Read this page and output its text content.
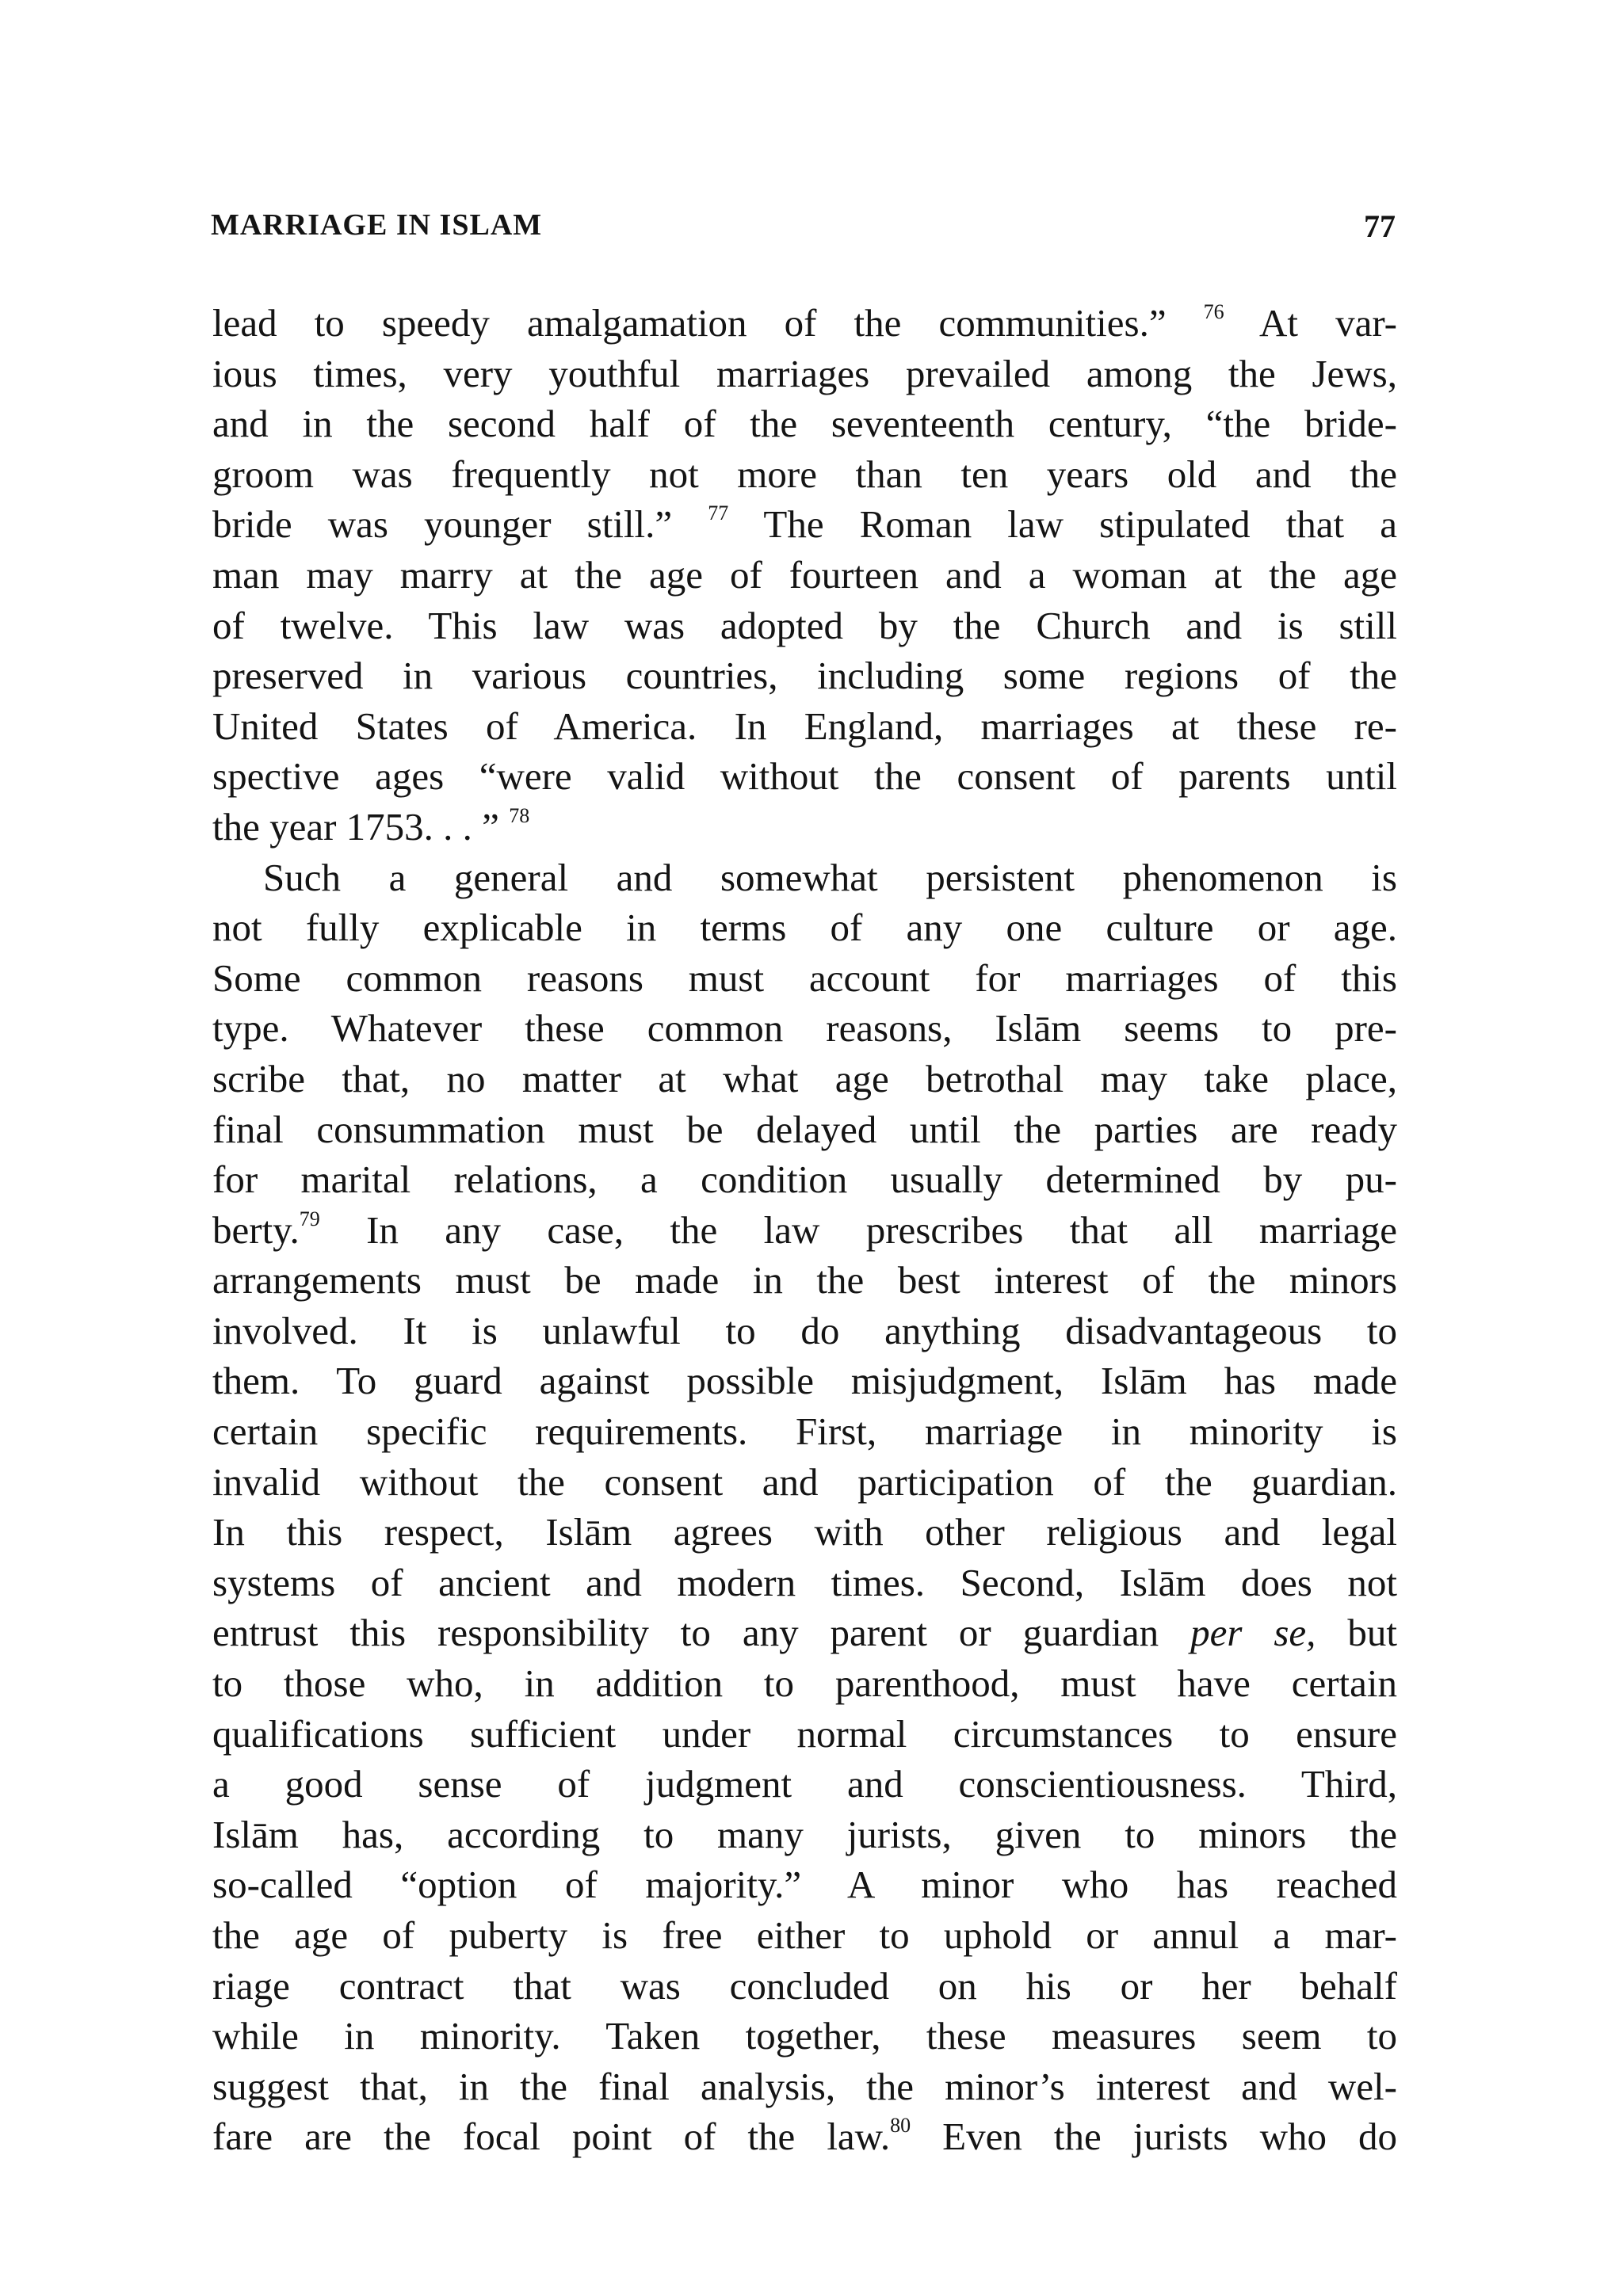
MARRIAGE IN ISLAM	77
lead to speedy amalgamation of the communities.” $^{76}$ At var-
ious times, very youthful marriages prevailed among the Jews,
and in the second half of the seventeenth century, “the bride-
groom was frequently not more than ten years old and the
bride was younger still.” $^{77}$ The Roman law stipulated that a
man may marry at the age of fourteen and a woman at the age
of twelve. This law was adopted by the Church and is still
preserved in various countries, including some regions of the
United States of America. In England, marriages at these re-
spective ages “were valid without the consent of parents until
the year 1753. . . ” $^{78}$
Such a general and somewhat persistent phenomenon is
not fully explicable in terms of any one culture or age.
Some common reasons must account for marriages of this
type. Whatever these common reasons, Islām seems to pre-
scribe that, no matter at what age betrothal may take place,
final consummation must be delayed until the parties are ready
for marital relations, a condition usually determined by pu-
berty.$^{79}$ In any case, the law prescribes that all marriage
arrangements must be made in the best interest of the minors
involved. It is unlawful to do anything disadvantageous to
them. To guard against possible misjudgment, Islām has made
certain specific requirements. First, marriage in minority is
invalid without the consent and participation of the guardian.
In this respect, Islām agrees with other religious and legal
systems of ancient and modern times. Second, Islām does not
entrust this responsibility to any parent or guardian per se, but
to those who, in addition to parenthood, must have certain
qualifications sufficient under normal circumstances to ensure
a good sense of judgment and conscientiousness. Third,
Islām has, according to many jurists, given to minors the
so-called “option of majority.” A minor who has reached
the age of puberty is free either to uphold or annul a mar-
riage contract that was concluded on his or her behalf
while in minority. Taken together, these measures seem to
suggest that, in the final analysis, the minor’s interest and wel-
fare are the focal point of the law.$^{80}$ Even the jurists who do
